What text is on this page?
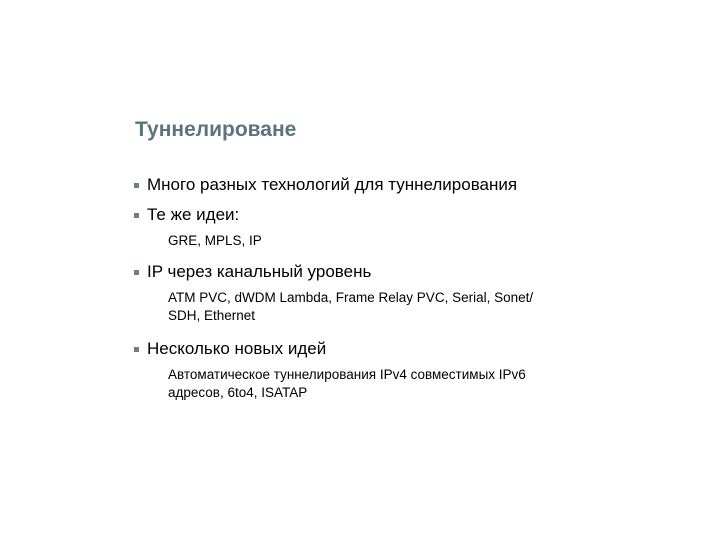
Туннелироване
Много разных технологий для туннелирования
Те же идеи:
GRE, MPLS, IP
IP через канальный уровень
ATM PVC, dWDM Lambda, Frame Relay PVC, Serial, Sonet/
SDH, Ethernet
Несколько новых идей
Автоматическое туннелирования IPv4 совместимых IPv6
адресов, 6to4, ISATAP
